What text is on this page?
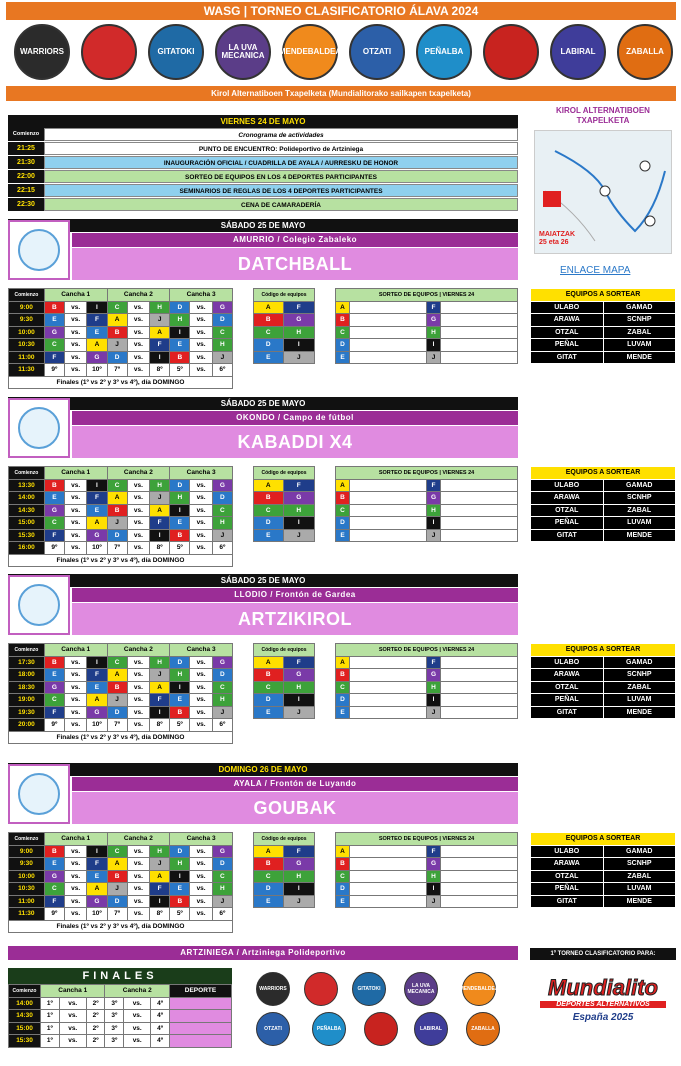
WASG | TORNEO CLASIFICATORIO ÁLAVA 2024
WARRIORS	GITATOKI	LA UVA MECANICA	MENDEBALDEA	OTZATI	PEÑALBA	LABIRAL	ZABALLA
Kirol Alternatiboen Txapelketa (Mundialitorako sailkapen txapelketa)
VIERNES 24 DE MAYO
Comienzo	Cronograma de actividades
21:25	PUNTO DE ENCUENTRO: Polideportivo de Artziniega
21:30	INAUGURACIÓN OFICIAL / CUADRILLA DE AYALA / AURRESKU DE HONOR
22:00	SORTEO DE EQUIPOS EN LOS 4 DEPORTES PARTICIPANTES
22:15	SEMINARIOS DE REGLAS DE LOS 4 DEPORTES PARTICIPANTES
22:30	CENA DE CAMARADERÍA
KIROL ALTERNATIBOEN TXAPELKETA
MAIATZAK 25 eta 26
ENLACE MAPA
SÁBADO 25 DE MAYO
AMURRIO / Colegio Zabaleko
DATCHBALL
Comienzo	Cancha 1			Cancha 2			Cancha 3		
9:00	B	vs.	I	C	vs.	H	D	vs.	G
9:30	E	vs.	F	A	vs.	J	H	vs.	D
10:00	G	vs.	E	B	vs.	A	I	vs.	C
10:30	C	vs.	A	J	vs.	F	E	vs.	H
11:00	F	vs.	G	D	vs.	I	B	vs.	J
11:30	9º	vs.	10º	7º	vs.	8º	5º	vs.	6º
Finales (1º vs 2º y 3º vs 4º), día DOMINGO									
Código de equipos	
A	F
B	G
C	H
D	I
E	J
SORTEO DE EQUIPOS | VIERNES 24			
A		F	
B		G	
C		H	
D		I	
E		J	
EQUIPOS A SORTEAR	
ULABO	GAMAD
ARAWA	SCNHP
OTZAL	ZABAL
PEÑAL	LUVAM
GITAT	MENDE
SÁBADO 25 DE MAYO
OKONDO / Campo de fútbol
KABADDI X4
Comienzo	Cancha 1			Cancha 2			Cancha 3		
13:30	B	vs.	I	C	vs.	H	D	vs.	G
14:00	E	vs.	F	A	vs.	J	H	vs.	D
14:30	G	vs.	E	B	vs.	A	I	vs.	C
15:00	C	vs.	A	J	vs.	F	E	vs.	H
15:30	F	vs.	G	D	vs.	I	B	vs.	J
16:00	9º	vs.	10º	7º	vs.	8º	5º	vs.	6º
Finales (1º vs 2º y 3º vs 4º), día DOMINGO									
Código de equipos	
A	F
B	G
C	H
D	I
E	J
SORTEO DE EQUIPOS | VIERNES 24			
A		F	
B		G	
C		H	
D		I	
E		J	
EQUIPOS A SORTEAR	
ULABO	GAMAD
ARAWA	SCNHP
OTZAL	ZABAL
PEÑAL	LUVAM
GITAT	MENDE
SÁBADO 25 DE MAYO
LLODIO / Frontón de Gardea
ARTZIKIROL
Comienzo	Cancha 1			Cancha 2			Cancha 3		
17:30	B	vs.	I	C	vs.	H	D	vs.	G
18:00	E	vs.	F	A	vs.	J	H	vs.	D
18:30	G	vs.	E	B	vs.	A	I	vs.	C
19:00	C	vs.	A	J	vs.	F	E	vs.	H
19:30	F	vs.	G	D	vs.	I	B	vs.	J
20:00	9º	vs.	10º	7º	vs.	8º	5º	vs.	6º
Finales (1º vs 2º y 3º vs 4º), día DOMINGO									
Código de equipos	
A	F
B	G
C	H
D	I
E	J
SORTEO DE EQUIPOS | VIERNES 24			
A		F	
B		G	
C		H	
D		I	
E		J	
EQUIPOS A SORTEAR	
ULABO	GAMAD
ARAWA	SCNHP
OTZAL	ZABAL
PEÑAL	LUVAM
GITAT	MENDE
DOMINGO 26 DE MAYO
AYALA / Frontón de Luyando
GOUBAK
Comienzo	Cancha 1			Cancha 2			Cancha 3		
9:00	B	vs.	I	C	vs.	H	D	vs.	G
9:30	E	vs.	F	A	vs.	J	H	vs.	D
10:00	G	vs.	E	B	vs.	A	I	vs.	C
10:30	C	vs.	A	J	vs.	F	E	vs.	H
11:00	F	vs.	G	D	vs.	I	B	vs.	J
11:30	9º	vs.	10º	7º	vs.	8º	5º	vs.	6º
Finales (1º vs 2º y 3º vs 4º), día DOMINGO									
Código de equipos	
A	F
B	G
C	H
D	I
E	J
SORTEO DE EQUIPOS | VIERNES 24			
A		F	
B		G	
C		H	
D		I	
E		J	
EQUIPOS A SORTEAR	
ULABO	GAMAD
ARAWA	SCNHP
OTZAL	ZABAL
PEÑAL	LUVAM
GITAT	MENDE
ARTZINIEGA / Artziniega Polideportivo
FINALES
Comienzo	Cancha 1			Cancha 2			DEPORTE
14:00	1º	vs.	2º	3º	vs.	4º	
14:30	1º	vs.	2º	3º	vs.	4º	
15:00	1º	vs.	2º	3º	vs.	4º	
15:30	1º	vs.	2º	3º	vs.	4º	
WARRIORS	GITATOKI	LA UVA MECANICA	MENDEBALDEA
OTZATI	PEÑALBA	LABIRAL	ZABALLA
1º TORNEO CLASIFICATORIO PARA:
Mundialito
DEPORTES ALTERNATIVOS
España 2025
